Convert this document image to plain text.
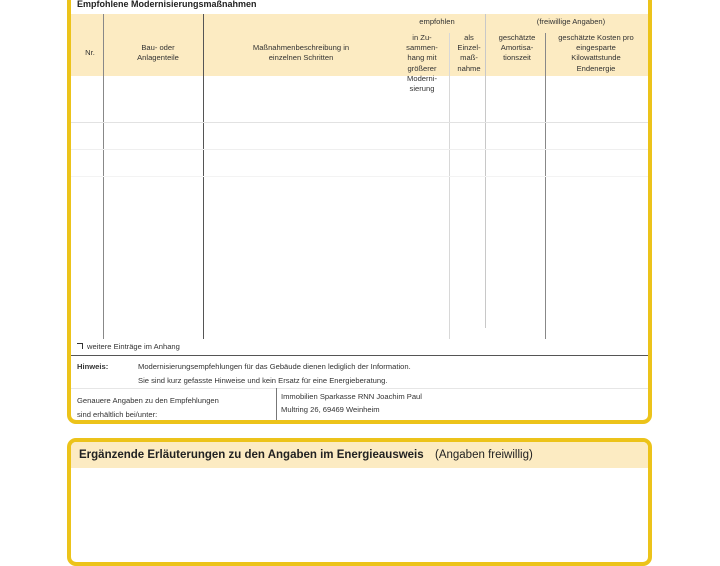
Empfohlene Modernisierungsmaßnahmen
Nr.
Bau- oder Anlagenteile
Maßnahmenbeschreibung in einzelnen Schritten
empfohlen
in Zu- sammen- hang mit größerer Moderni- sierung
als Einzel- maß- nahme
(freiwillige Angaben)
geschätzte Amortisa- tionszeit
geschätzte Kosten pro eingesparte Kilowattstunde Endenergie
weitere Einträge im Anhang
Hinweis:	Modernisierungsempfehlungen für das Gebäude dienen lediglich der Information.
Sie sind kurz gefasste Hinweise und kein Ersatz für eine Energieberatung.
Genauere Angaben zu den Empfehlungen
sind erhältlich bei/unter:
Immobilien Sparkasse RNN Joachim Paul
Multring 26, 69469 Weinheim
Ergänzende Erläuterungen zu den Angaben im Energieausweis (Angaben freiwillig)
